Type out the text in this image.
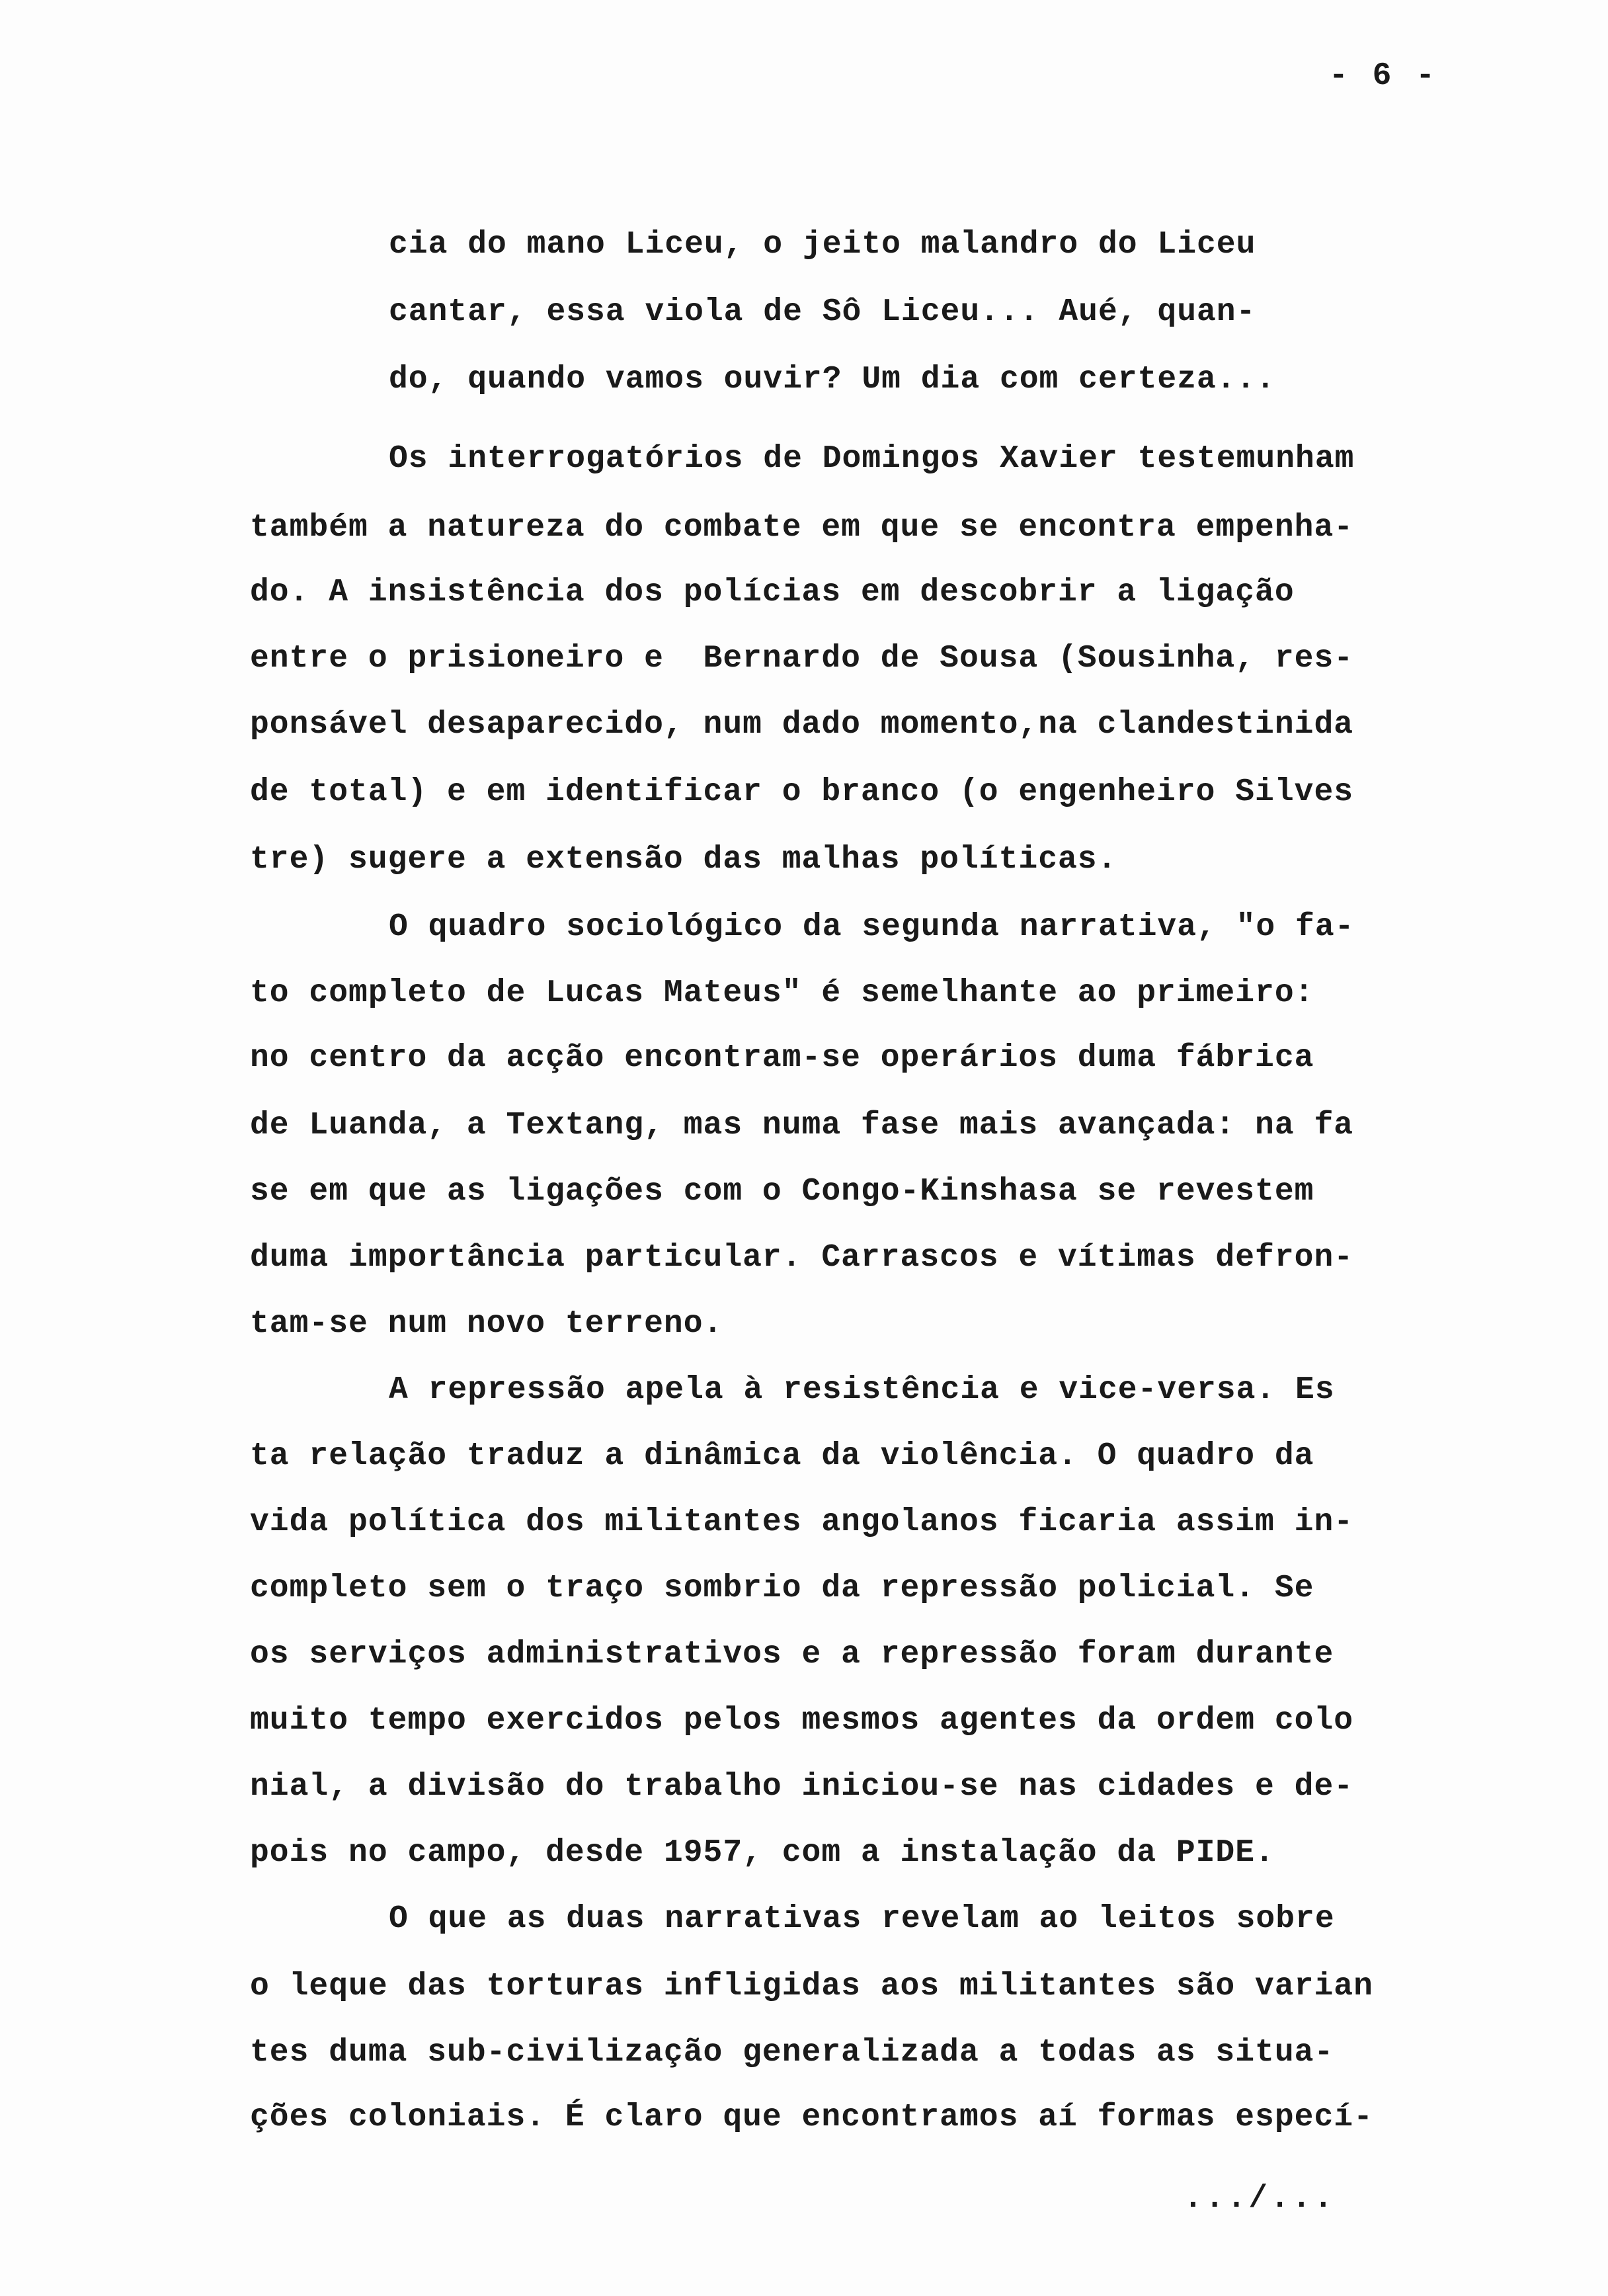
- 6 -
cia do mano Liceu, o jeito malandro do Liceu
cantar, essa viola de Sô Liceu... Aué, quan-
do, quando vamos ouvir? Um dia com certeza...
Os interrogatórios de Domingos Xavier testemunham
também a natureza do combate em que se encontra empenha-
do. A insistência dos polícias em descobrir a ligação
entre o prisioneiro e  Bernardo de Sousa (Sousinha, res-
ponsável desaparecido, num dado momento,na clandestinida
de total) e em identificar o branco (o engenheiro Silves
tre) sugere a extensão das malhas políticas.
O quadro sociológico da segunda narrativa, "o fa-
to completo de Lucas Mateus" é semelhante ao primeiro:
no centro da acção encontram-se operários duma fábrica
de Luanda, a Textang, mas numa fase mais avançada: na fa
se em que as ligações com o Congo-Kinshasa se revestem
duma importância particular. Carrascos e vítimas defron-
tam-se num novo terreno.
A repressão apela à resistência e vice-versa. Es
ta relação traduz a dinâmica da violência. O quadro da
vida política dos militantes angolanos ficaria assim in-
completo sem o traço sombrio da repressão policial. Se
os serviços administrativos e a repressão foram durante
muito tempo exercidos pelos mesmos agentes da ordem colo
nial, a divisão do trabalho iniciou-se nas cidades e de-
pois no campo, desde 1957, com a instalação da PIDE.
O que as duas narrativas revelam ao leitos sobre
o leque das torturas infligidas aos militantes são varian
tes duma sub-civilização generalizada a todas as situa-
ções coloniais. É claro que encontramos aí formas especí-
.../...
